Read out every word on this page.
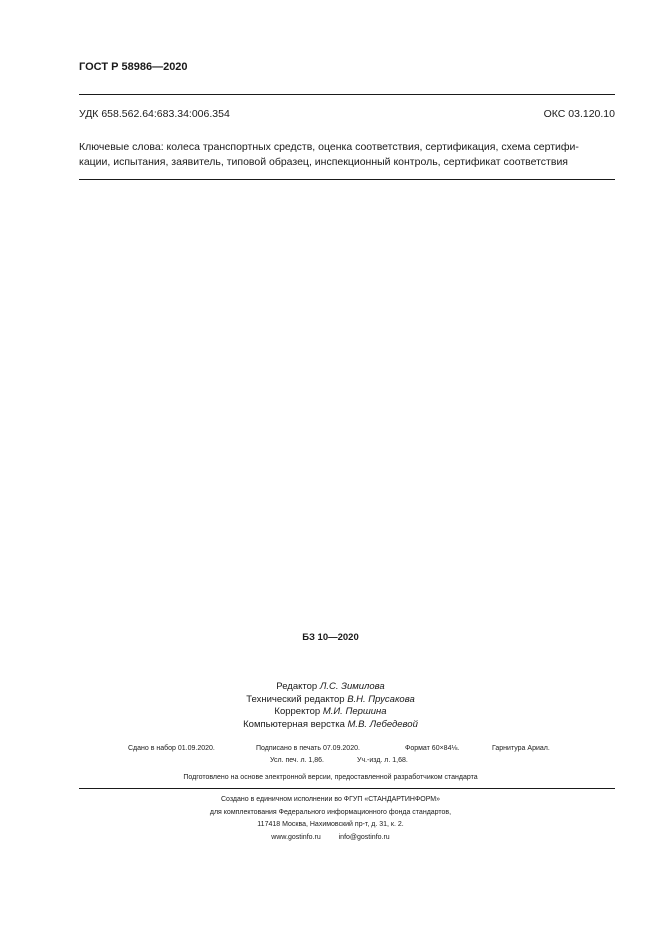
ГОСТ Р 58986—2020
УДК 658.562.64:683.34:006.354	ОКС 03.120.10
Ключевые слова: колеса транспортных средств, оценка соответствия, сертификация, схема сертифи-
кации, испытания, заявитель, типовой образец, инспекционный контроль, сертификат соответствия
БЗ 10—2020
Редактор Л.С. Зимилова
Технический редактор В.Н. Прусакова
Корректор М.И. Першина
Компьютерная верстка М.В. Лебедевой
Сдано в набор 01.09.2020.	Подписано в печать 07.09.2020.	Формат 60×84⅛.	Гарнитура Ариал.
Усл. печ. л. 1,86.	Уч.-изд. л. 1,68.
Подготовлено на основе электронной версии, предоставленной разработчиком стандарта
Создано в единичном исполнении во ФГУП «СТАНДАРТИНФОРМ»
для комплектования Федерального информационного фонда стандартов,
117418 Москва, Нахимовский пр-т, д. 31, к. 2.
www.gostinfo.ru	info@gostinfo.ru
